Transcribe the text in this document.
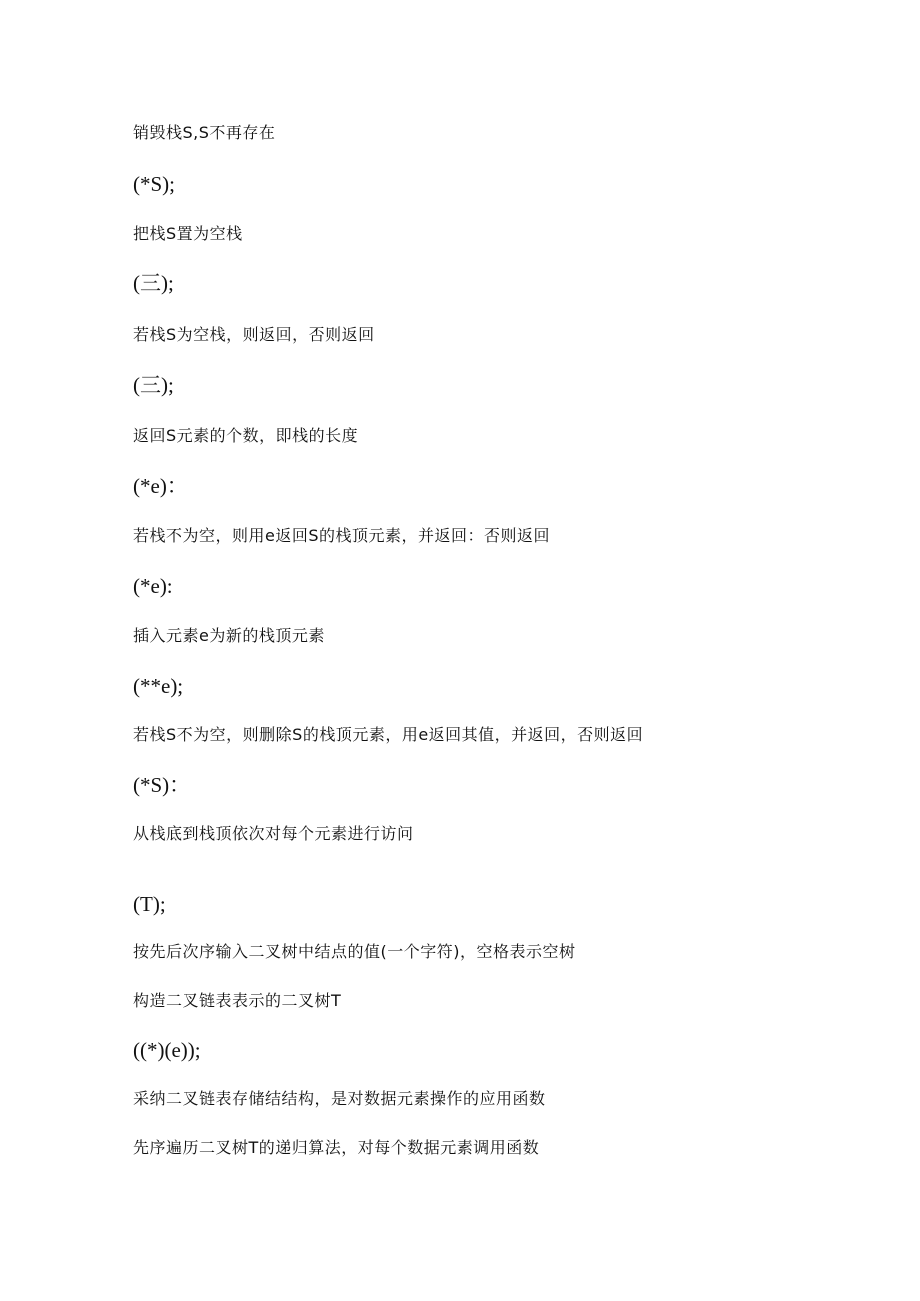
销毁栈S,S不再存在
(*S);
把栈S置为空栈
(三);
若栈S为空栈，则返回，否则返回
(三);
返回S元素的个数，即栈的长度
(*e)：
若栈不为空，则用e返回S的栈顶元素，并返回：否则返回
(*e):
插入元素e为新的栈顶元素
(**e);
若栈S不为空，则删除S的栈顶元素，用e返回其值，并返回，否则返回
(*S)：
从栈底到栈顶依次对每个元素进行访问
(T);
按先后次序输入二叉树中结点的值(一个字符)，空格表示空树
构造二叉链表表示的二叉树T
((*)(e));
采纳二叉链表存储结结构，是对数据元素操作的应用函数
先序遍历二叉树T的递归算法，对每个数据元素调用函数
